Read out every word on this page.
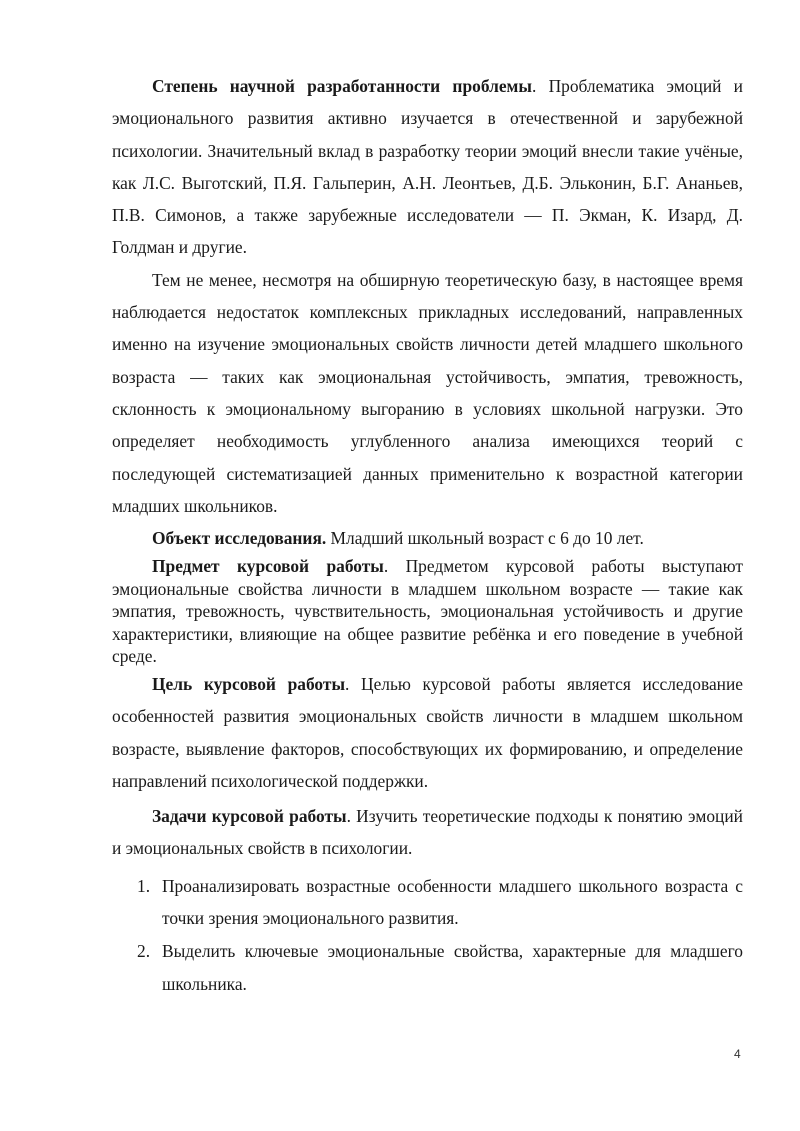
Степень научной разработанности проблемы. Проблематика эмоций и эмоционального развития активно изучается в отечественной и зарубежной психологии. Значительный вклад в разработку теории эмоций внесли такие учёные, как Л.С. Выготский, П.Я. Гальперин, А.Н. Леонтьев, Д.Б. Эльконин, Б.Г. Ананьев, П.В. Симонов, а также зарубежные исследователи — П. Экман, К. Изард, Д. Голдман и другие.

Тем не менее, несмотря на обширную теоретическую базу, в настоящее время наблюдается недостаток комплексных прикладных исследований, направленных именно на изучение эмоциональных свойств личности детей младшего школьного возраста — таких как эмоциональная устойчивость, эмпатия, тревожность, склонность к эмоциональному выгоранию в условиях школьной нагрузки. Это определяет необходимость углубленного анализа имеющихся теорий с последующей систематизацией данных применительно к возрастной категории младших школьников.

Объект исследования. Младший школьный возраст с 6 до 10 лет.

Предмет курсовой работы. Предметом курсовой работы выступают эмоциональные свойства личности в младшем школьном возрасте — такие как эмпатия, тревожность, чувствительность, эмоциональная устойчивость и другие характеристики, влияющие на общее развитие ребёнка и его поведение в учебной среде.

Цель курсовой работы. Целью курсовой работы является исследование особенностей развития эмоциональных свойств личности в младшем школьном возрасте, выявление факторов, способствующих их формированию, и определение направлений психологической поддержки.

Задачи курсовой работы. Изучить теоретические подходы к понятию эмоций и эмоциональных свойств в психологии.

1. Проанализировать возрастные особенности младшего школьного возраста с точки зрения эмоционального развития.
2. Выделить ключевые эмоциональные свойства, характерные для младшего школьника.
4
